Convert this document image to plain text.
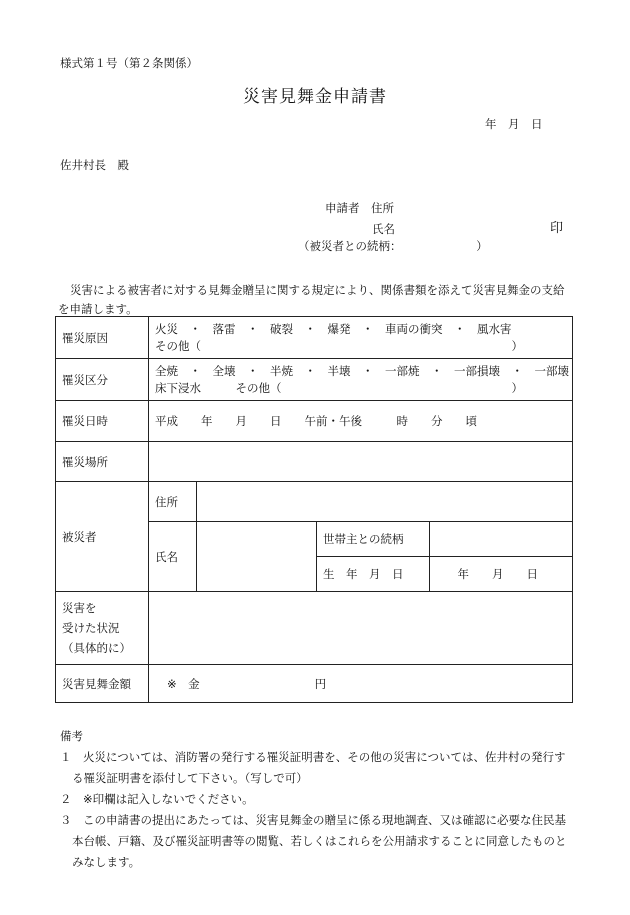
様式第１号（第２条関係）
災害見舞金申請書
年　月　日
佐井村長　殿
申請者　住所
氏名	印
（被災者との続柄：　　　　　　　）
災害による被害者に対する見舞金贈呈に関する規定により、関係書類を添えて災害見舞金の支給を申請します。
罹災原因	火災　・　落雷　・　破裂　・　爆発　・　車両の衝突　・　風水害
その他（　　　　　　　　　　　　　　　　　　　　　　　　　　　）			

罹災区分	全焼　・　全壊　・　半焼　・　半壊　・　一部焼　・　一部損壊　・　一部壊
床下浸水　　　その他（　　　　　　　　　　　　　　　　　　　　）			

罹災日時	平成　　年　　月　　日　　午前・午後　　　時　　分　　頃			
罹災場所				
被災者	住所			
	氏名		世帯主との続柄	
			生　年　月　日	年　　月　　日

災害を
受けた状況
（具体的に）				

災害見舞金額	※　金　　　　　　　　　　円			
備考
１　火災については、消防署の発行する罹災証明書を、その他の災害については、佐井村の発行する罹災証明書を添付して下さい。（写しで可）
２　※印欄は記入しないでください。
３　この申請書の提出にあたっては、災害見舞金の贈呈に係る現地調査、又は確認に必要な住民基本台帳、戸籍、及び罹災証明書等の閲覧、若しくはこれらを公用請求することに同意したものとみなします。
